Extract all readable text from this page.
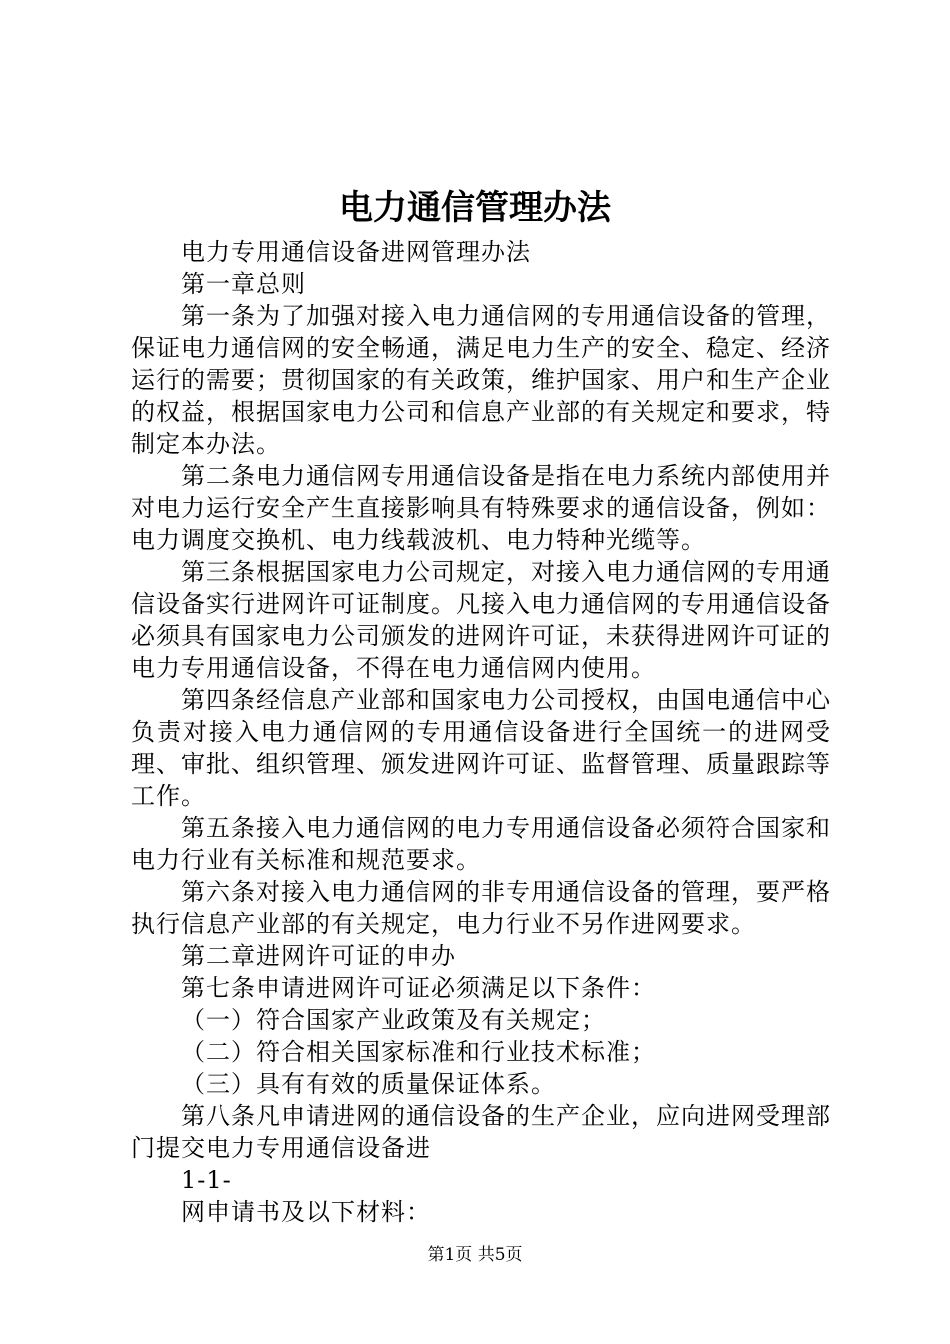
电力通信管理办法

电力专用通信设备进网管理办法

第一章总则

第一条为了加强对接入电力通信网的专用通信设备的管理，保证电力通信网的安全畅通，满足电力生产的安全、稳定、经济运行的需要；贯彻国家的有关政策，维护国家、用户和生产企业的权益，根据国家电力公司和信息产业部的有关规定和要求，特制定本办法。

第二条电力通信网专用通信设备是指在电力系统内部使用并对电力运行安全产生直接影响具有特殊要求的通信设备，例如：电力调度交换机、电力线载波机、电力特种光缆等。

第三条根据国家电力公司规定，对接入电力通信网的专用通信设备实行进网许可证制度。凡接入电力通信网的专用通信设备必须具有国家电力公司颁发的进网许可证，未获得进网许可证的电力专用通信设备，不得在电力通信网内使用。

第四条经信息产业部和国家电力公司授权，由国电通信中心负责对接入电力通信网的专用通信设备进行全国统一的进网受理、审批、组织管理、颁发进网许可证、监督管理、质量跟踪等工作。

第五条接入电力通信网的电力专用通信设备必须符合国家和电力行业有关标准和规范要求。

第六条对接入电力通信网的非专用通信设备的管理，要严格执行信息产业部的有关规定，电力行业不另作进网要求。

第二章进网许可证的申办

第七条申请进网许可证必须满足以下条件：

（一）符合国家产业政策及有关规定；

（二）符合相关国家标准和行业技术标准；

（三）具有有效的质量保证体系。

第八条凡申请进网的通信设备的生产企业，应向进网受理部门提交电力专用通信设备进

1-1-

网申请书及以下材料：

第1页 共5页
